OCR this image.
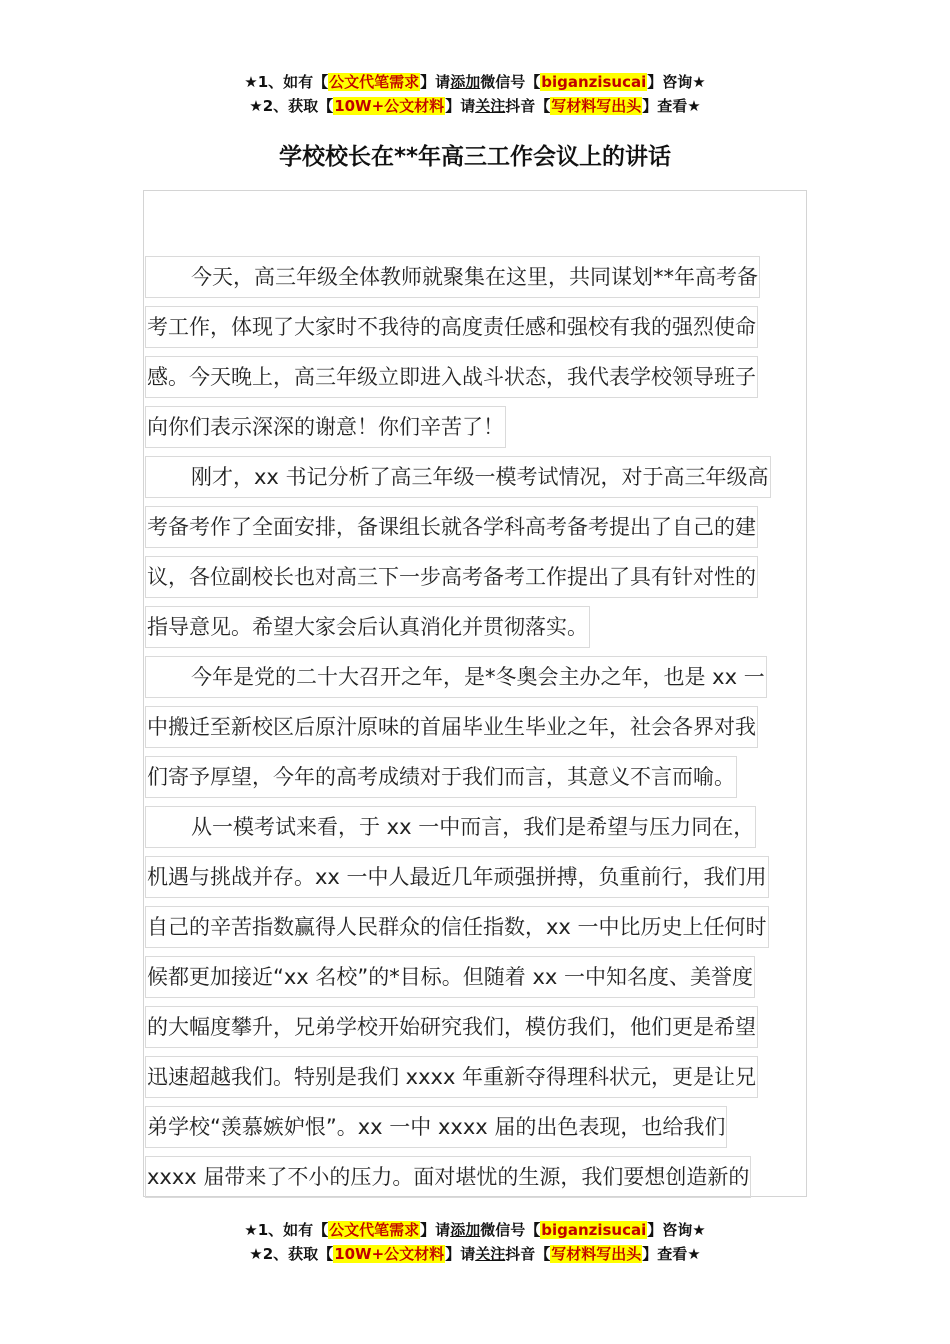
★1、如有【公文代笔需求】请添加微信号【biganzisucai】咨询★
★2、获取【10W+公文材料】请关注抖音【写材料写出头】查看★
学校校长在**年高三工作会议上的讲话
今天，高三年级全体教师就聚集在这里，共同谋划**年高考备
考工作，体现了大家时不我待的高度责任感和强校有我的强烈使命
感。今天晚上，高三年级立即进入战斗状态，我代表学校领导班子
向你们表示深深的谢意！你们辛苦了！
刚才，xx 书记分析了高三年级一模考试情况，对于高三年级高
考备考作了全面安排，备课组长就各学科高考备考提出了自己的建
议，各位副校长也对高三下一步高考备考工作提出了具有针对性的
指导意见。希望大家会后认真消化并贯彻落实。
今年是党的二十大召开之年，是*冬奥会主办之年，也是 xx 一
中搬迁至新校区后原汁原味的首届毕业生毕业之年，社会各界对我
们寄予厚望，今年的高考成绩对于我们而言，其意义不言而喻。
从一模考试来看，于 xx 一中而言，我们是希望与压力同在，
机遇与挑战并存。xx 一中人最近几年顽强拼搏，负重前行，我们用
自己的辛苦指数赢得人民群众的信任指数，xx 一中比历史上任何时
候都更加接近“xx 名校”的*目标。但随着 xx 一中知名度、美誉度
的大幅度攀升，兄弟学校开始研究我们，模仿我们，他们更是希望
迅速超越我们。特别是我们 xxxx 年重新夺得理科状元，更是让兄
弟学校“羡慕嫉妒恨”。xx 一中 xxxx 届的出色表现，也给我们
xxxx 届带来了不小的压力。面对堪忧的生源，我们要想创造新的
★1、如有【公文代笔需求】请添加微信号【biganzisucai】咨询★
★2、获取【10W+公文材料】请关注抖音【写材料写出头】查看★
